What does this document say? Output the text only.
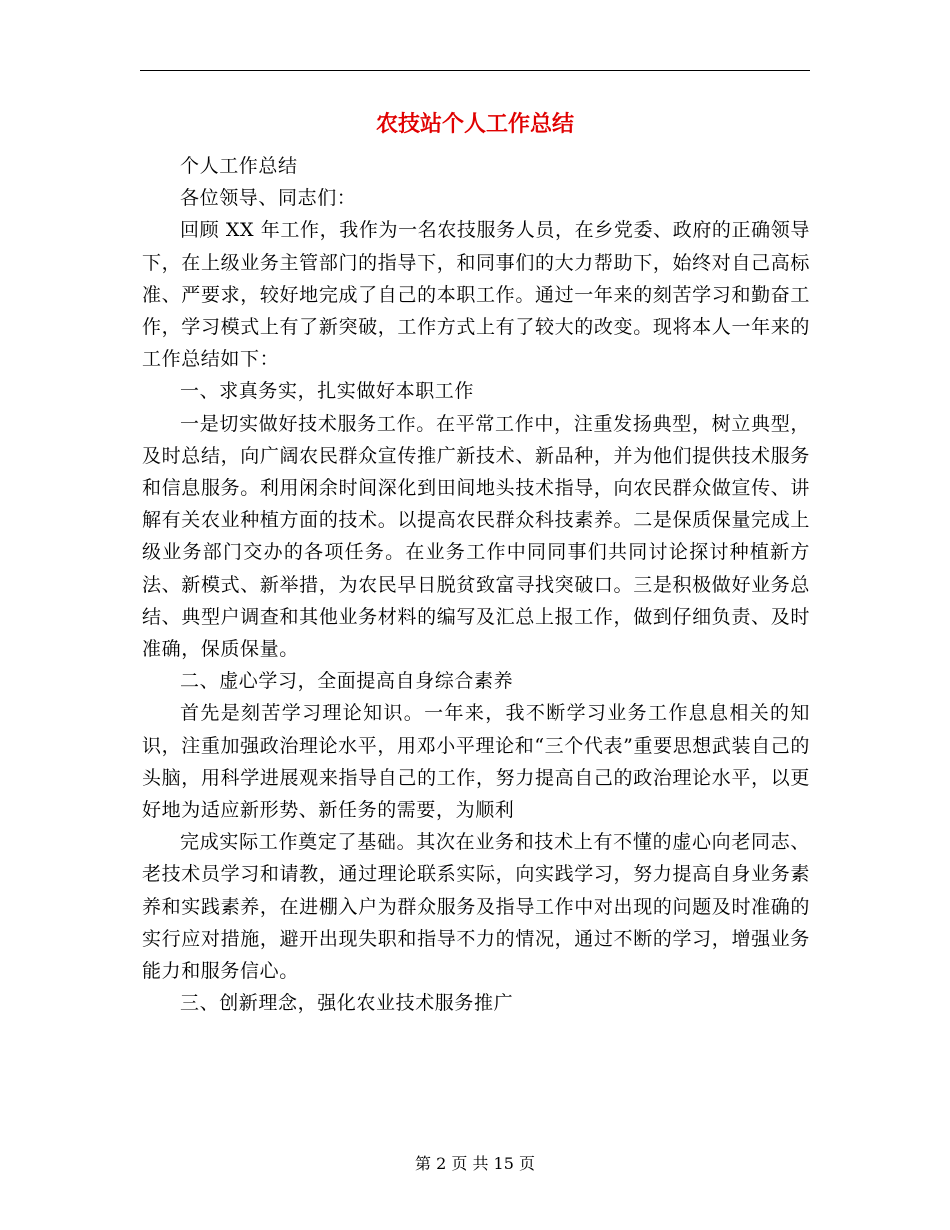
农技站个人工作总结

个人工作总结

各位领导、同志们：

回顾 XX 年工作，我作为一名农技服务人员，在乡党委、政府的正确领导下，在上级业务主管部门的指导下，和同事们的大力帮助下，始终对自己高标准、严要求，较好地完成了自己的本职工作。通过一年来的刻苦学习和勤奋工作，学习模式上有了新突破，工作方式上有了较大的改变。现将本人一年来的工作总结如下：

一、求真务实，扎实做好本职工作

一是切实做好技术服务工作。在平常工作中，注重发扬典型，树立典型，及时总结，向广阔农民群众宣传推广新技术、新品种，并为他们提供技术服务和信息服务。利用闲余时间深化到田间地头技术指导，向农民群众做宣传、讲解有关农业种植方面的技术。以提高农民群众科技素养。二是保质保量完成上级业务部门交办的各项任务。在业务工作中同同事们共同讨论探讨种植新方法、新模式、新举措，为农民早日脱贫致富寻找突破口。三是积极做好业务总结、典型户调查和其他业务材料的编写及汇总上报工作，做到仔细负责、及时准确，保质保量。

二、虚心学习，全面提高自身综合素养

首先是刻苦学习理论知识。一年来，我不断学习业务工作息息相关的知识，注重加强政治理论水平，用邓小平理论和“三个代表”重要思想武装自己的头脑，用科学进展观来指导自己的工作，努力提高自己的政治理论水平，以更好地为适应新形势、新任务的需要，为顺利

完成实际工作奠定了基础。其次在业务和技术上有不懂的虚心向老同志、老技术员学习和请教，通过理论联系实际，向实践学习，努力提高自身业务素养和实践素养，在进棚入户为群众服务及指导工作中对出现的问题及时准确的实行应对措施，避开出现失职和指导不力的情况，通过不断的学习，增强业务能力和服务信心。

三、创新理念，强化农业技术服务推广

第 2 页 共 15 页
